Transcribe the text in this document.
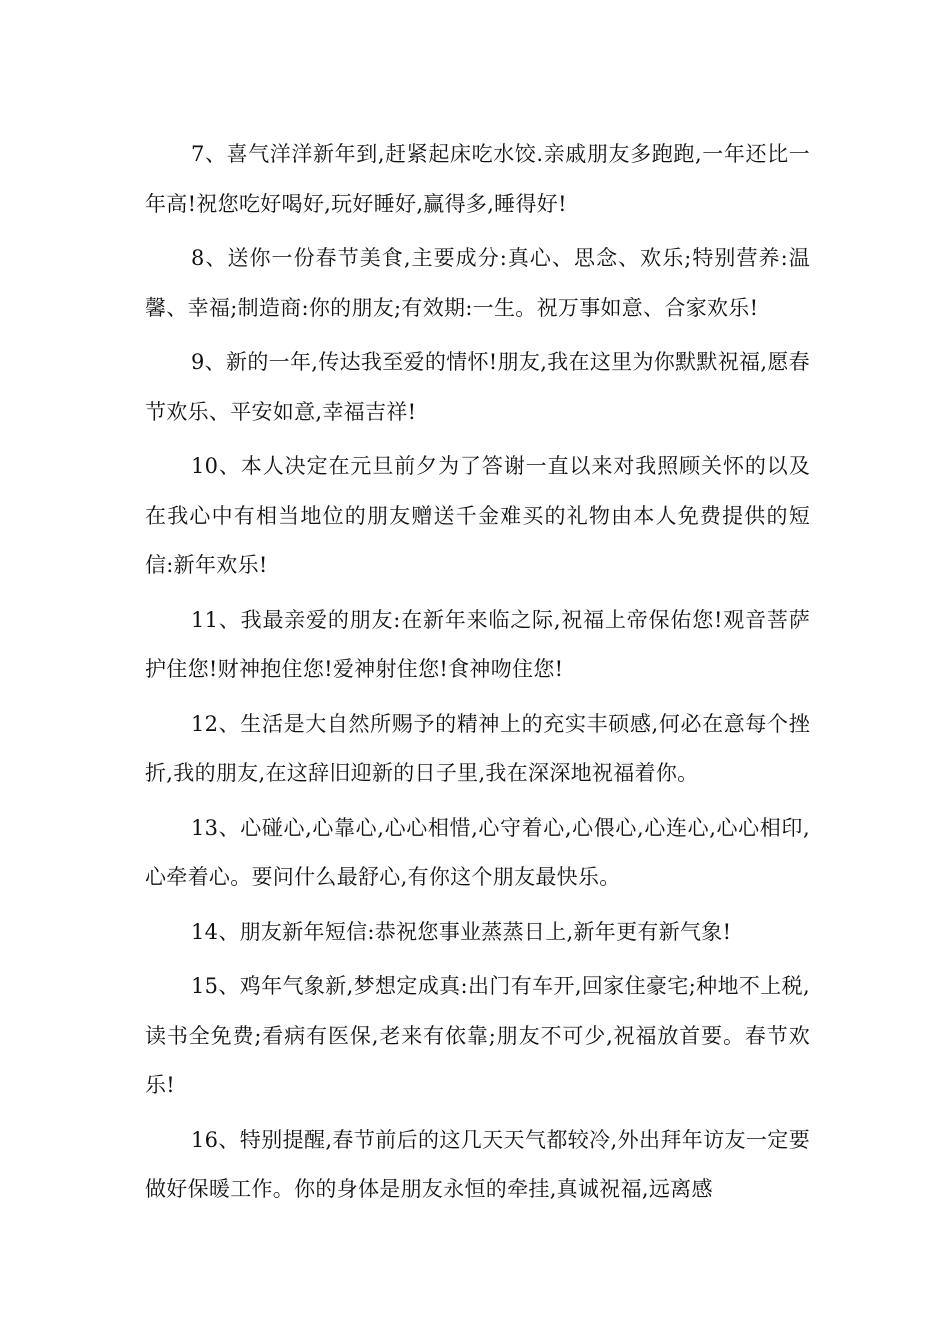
7、喜气洋洋新年到,赶紧起床吃水饺.亲戚朋友多跑跑,一年还比一年高!祝您吃好喝好,玩好睡好,赢得多,睡得好!

8、送你一份春节美食,主要成分:真心、思念、欢乐;特别营养:温馨、幸福;制造商:你的朋友;有效期:一生。祝万事如意、合家欢乐!

9、新的一年,传达我至爱的情怀!朋友,我在这里为你默默祝福,愿春节欢乐、平安如意,幸福吉祥!

10、本人决定在元旦前夕为了答谢一直以来对我照顾关怀的以及在我心中有相当地位的朋友赠送千金难买的礼物由本人免费提供的短信:新年欢乐!

11、我最亲爱的朋友:在新年来临之际,祝福上帝保佑您!观音菩萨护住您!财神抱住您!爱神射住您!食神吻住您!

12、生活是大自然所赐予的精神上的充实丰硕感,何必在意每个挫折,我的朋友,在这辞旧迎新的日子里,我在深深地祝福着你。

13、心碰心,心靠心,心心相惜,心守着心,心偎心,心连心,心心相印,心牵着心。要问什么最舒心,有你这个朋友最快乐。

14、朋友新年短信:恭祝您事业蒸蒸日上,新年更有新气象!

15、鸡年气象新,梦想定成真:出门有车开,回家住豪宅;种地不上税,读书全免费;看病有医保,老来有依靠;朋友不可少,祝福放首要。春节欢乐!

16、特别提醒,春节前后的这几天天气都较冷,外出拜年访友一定要做好保暖工作。你的身体是朋友永恒的牵挂,真诚祝福,远离感
